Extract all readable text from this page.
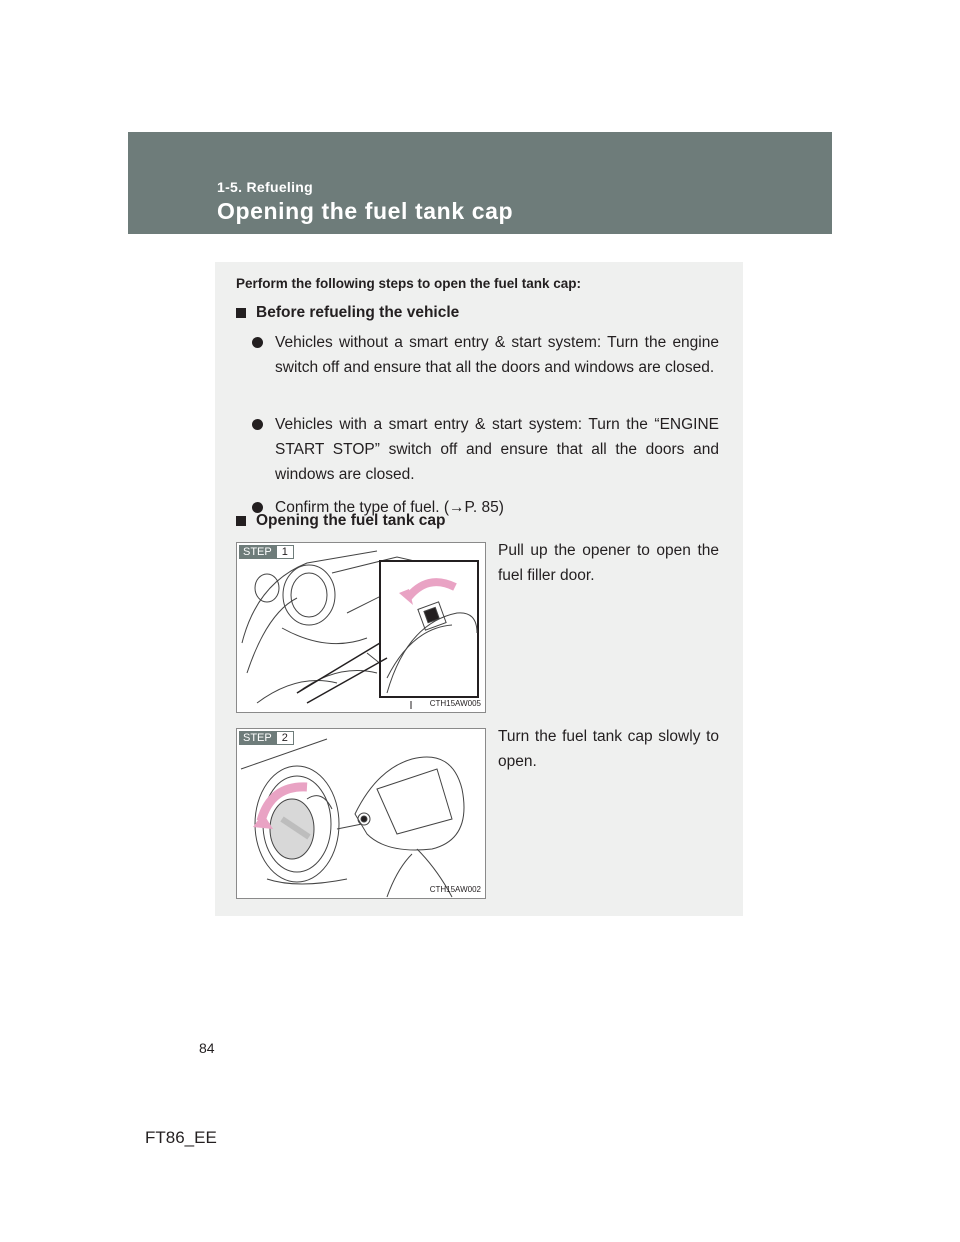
1-5. Refueling
Opening the fuel tank cap
Perform the following steps to open the fuel tank cap:
Before refueling the vehicle
Vehicles without a smart entry & start system: Turn the engine switch off and ensure that all the doors and windows are closed.
Vehicles with a smart entry & start system: Turn the “ENGINE START STOP” switch off and ensure that all the doors and windows are closed.
Confirm the type of fuel. (→P. 85)
Opening the fuel tank cap
STEP 1
CTH15AW005
Pull up the opener to open the fuel filler door.
STEP 2
CTH15AW002
Turn the fuel tank cap slowly to open.
84
FT86_EE
